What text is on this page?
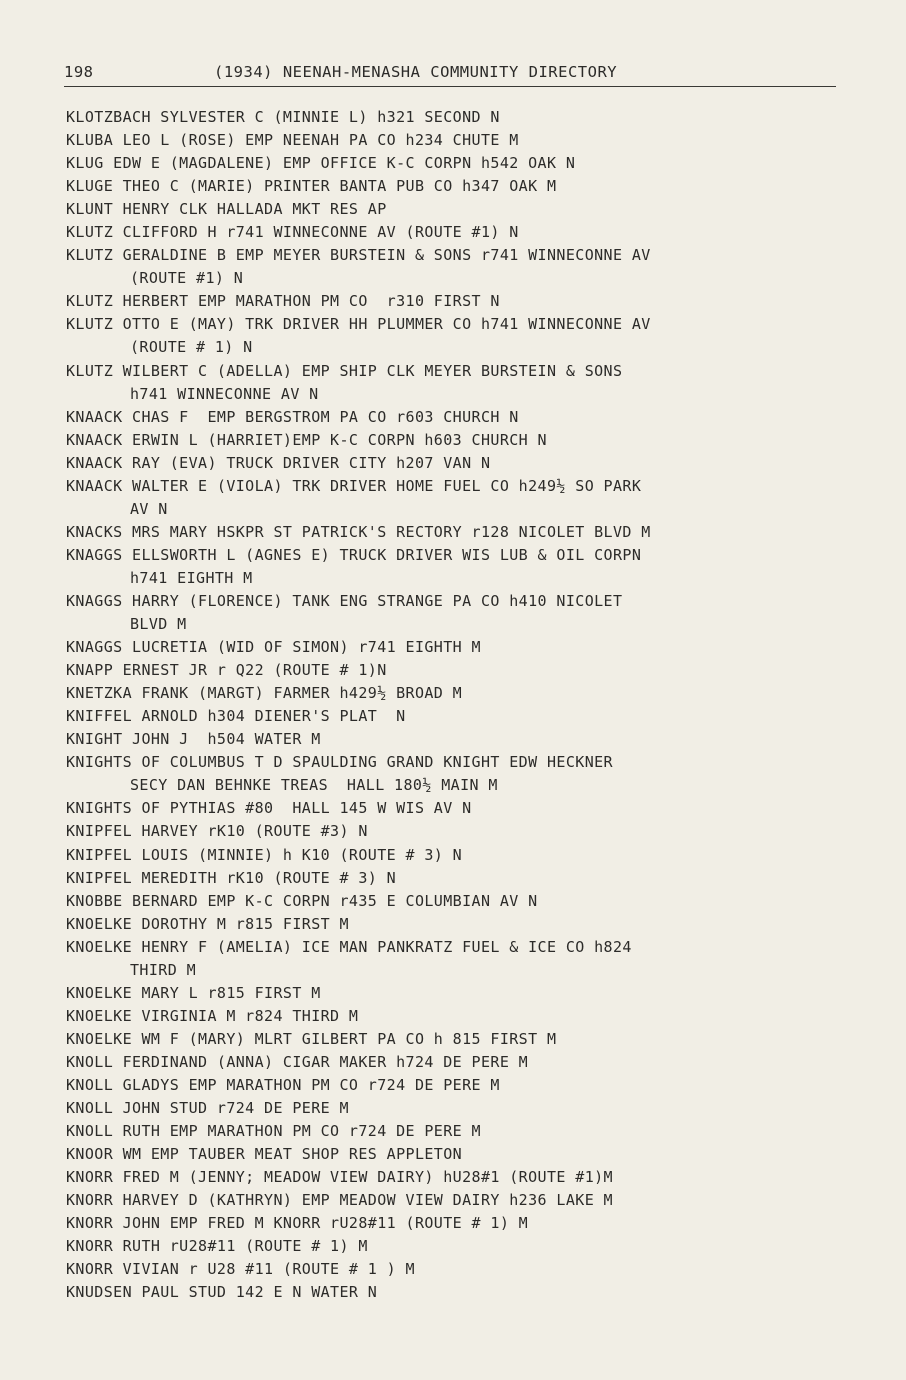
198	(1934) NEENAH-MENASHA COMMUNITY DIRECTORY
KLOTZBACH SYLVESTER C (MINNIE L) h321 SECOND N
KLUBA LEO L (ROSE) EMP NEENAH PA CO h234 CHUTE M
KLUG EDW E (MAGDALENE) EMP OFFICE K-C CORPN h542 OAK N
KLUGE THEO C (MARIE) PRINTER BANTA PUB CO h347 OAK M
KLUNT HENRY CLK HALLADA MKT RES AP
KLUTZ CLIFFORD H r741 WINNECONNE AV (ROUTE #1) N
KLUTZ GERALDINE B EMP MEYER BURSTEIN & SONS r741 WINNECONNE AV
(ROUTE #1) N
KLUTZ HERBERT EMP MARATHON PM CO  r310 FIRST N
KLUTZ OTTO E (MAY) TRK DRIVER HH PLUMMER CO h741 WINNECONNE AV
(ROUTE # 1) N
KLUTZ WILBERT C (ADELLA) EMP SHIP CLK MEYER BURSTEIN & SONS
h741 WINNECONNE AV N
KNAACK CHAS F  EMP BERGSTROM PA CO r603 CHURCH N
KNAACK ERWIN L (HARRIET)EMP K-C CORPN h603 CHURCH N
KNAACK RAY (EVA) TRUCK DRIVER CITY h207 VAN N
KNAACK WALTER E (VIOLA) TRK DRIVER HOME FUEL CO h249½ SO PARK
AV N
KNACKS MRS MARY HSKPR ST PATRICK'S RECTORY r128 NICOLET BLVD M
KNAGGS ELLSWORTH L (AGNES E) TRUCK DRIVER WIS LUB & OIL CORPN
h741 EIGHTH M
KNAGGS HARRY (FLORENCE) TANK ENG STRANGE PA CO h410 NICOLET
BLVD M
KNAGGS LUCRETIA (WID OF SIMON) r741 EIGHTH M
KNAPP ERNEST JR r Q22 (ROUTE # 1)N
KNETZKA FRANK (MARGT) FARMER h429½ BROAD M
KNIFFEL ARNOLD h304 DIENER'S PLAT  N
KNIGHT JOHN J  h504 WATER M
KNIGHTS OF COLUMBUS T D SPAULDING GRAND KNIGHT EDW HECKNER
SECY DAN BEHNKE TREAS  HALL 180½ MAIN M
KNIGHTS OF PYTHIAS #80  HALL 145 W WIS AV N
KNIPFEL HARVEY rK10 (ROUTE #3) N
KNIPFEL LOUIS (MINNIE) h K10 (ROUTE # 3) N
KNIPFEL MEREDITH rK10 (ROUTE # 3) N
KNOBBE BERNARD EMP K-C CORPN r435 E COLUMBIAN AV N
KNOELKE DOROTHY M r815 FIRST M
KNOELKE HENRY F (AMELIA) ICE MAN PANKRATZ FUEL & ICE CO h824
THIRD M
KNOELKE MARY L r815 FIRST M
KNOELKE VIRGINIA M r824 THIRD M
KNOELKE WM F (MARY) MLRT GILBERT PA CO h 815 FIRST M
KNOLL FERDINAND (ANNA) CIGAR MAKER h724 DE PERE M
KNOLL GLADYS EMP MARATHON PM CO r724 DE PERE M
KNOLL JOHN STUD r724 DE PERE M
KNOLL RUTH EMP MARATHON PM CO r724 DE PERE M
KNOOR WM EMP TAUBER MEAT SHOP RES APPLETON
KNORR FRED M (JENNY; MEADOW VIEW DAIRY) hU28#1 (ROUTE #1)M
KNORR HARVEY D (KATHRYN) EMP MEADOW VIEW DAIRY h236 LAKE M
KNORR JOHN EMP FRED M KNORR rU28#11 (ROUTE # 1) M
KNORR RUTH rU28#11 (ROUTE # 1) M
KNORR VIVIAN r U28 #11 (ROUTE # 1 ) M
KNUDSEN PAUL STUD 142 E N WATER N
